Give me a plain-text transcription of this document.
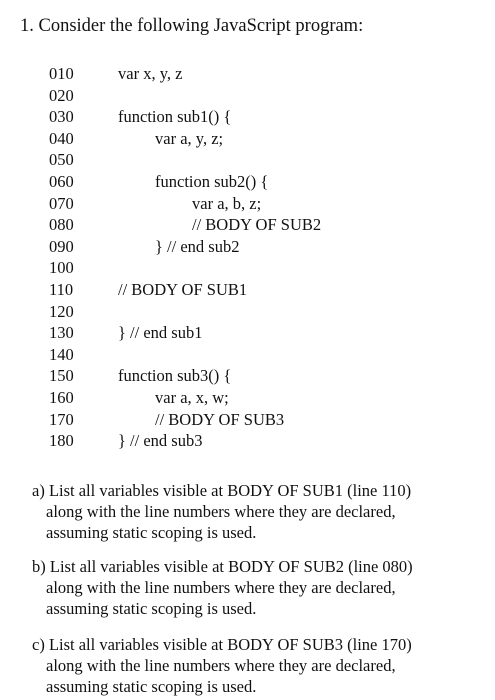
1. Consider the following JavaScript program:
010	var x, y, z
020
030	function sub1() {
040	var a, y, z;
050
060	function sub2() {
070	var a, b, z;
080	// BODY OF SUB2
090	} // end sub2
100
110	// BODY OF SUB1
120
130	} // end sub1
140
150	function sub3() {
160	var a, x, w;
170	// BODY OF SUB3
180	} // end sub3
a) List all variables visible at BODY OF SUB1 (line 110)
along with the line numbers where they are declared,
assuming static scoping is used.
b) List all variables visible at BODY OF SUB2 (line 080)
along with the line numbers where they are declared,
assuming static scoping is used.
c) List all variables visible at BODY OF SUB3 (line 170)
along with the line numbers where they are declared,
assuming static scoping is used.
